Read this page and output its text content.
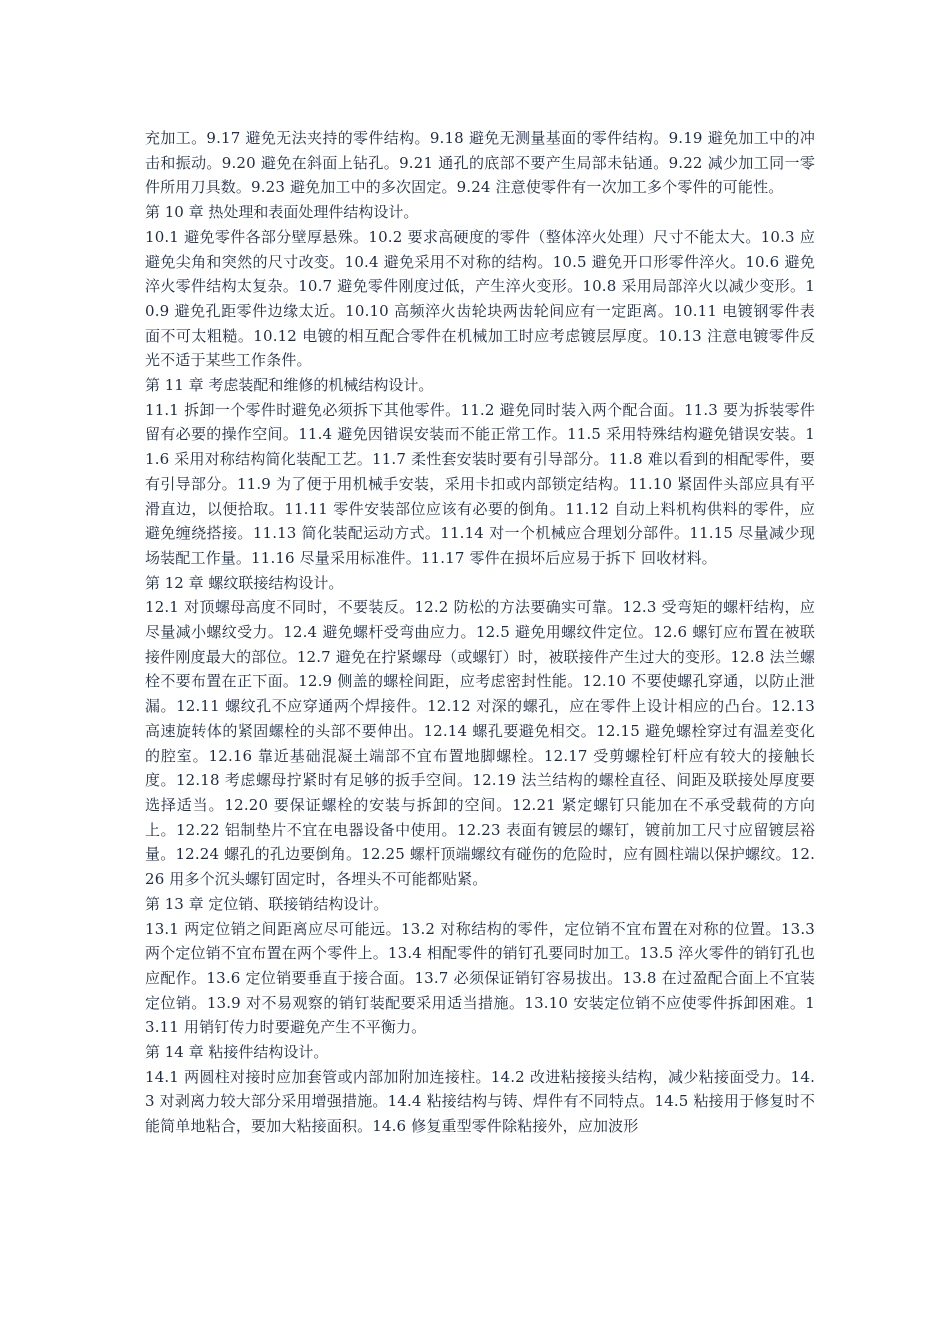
充加工。9.17 避免无法夹持的零件结构。9.18 避免无测量基面的零件结构。9.19 避免加工中的冲击和振动。9.20 避免在斜面上钻孔。9.21 通孔的底部不要产生局部未钻通。9.22 减少加工同一零件所用刀具数。9.23 避免加工中的多次固定。9.24 注意使零件有一次加工多个零件的可能性。

第 10 章 热处理和表面处理件结构设计。

10.1 避免零件各部分壁厚悬殊。10.2 要求高硬度的零件（整体淬火处理）尺寸不能太大。10.3 应避免尖角和突然的尺寸改变。10.4 避免采用不对称的结构。10.5 避免开口形零件淬火。10.6 避免淬火零件结构太复杂。10.7 避免零件刚度过低，产生淬火变形。10.8 采用局部淬火以减少变形。10.9 避免孔距零件边缘太近。10.10 高频淬火齿轮块两齿轮间应有一定距离。10.11 电镀钢零件表面不可太粗糙。10.12 电镀的相互配合零件在机械加工时应考虑镀层厚度。10.13 注意电镀零件反光不适于某些工作条件。

第 11 章 考虑装配和维修的机械结构设计。

11.1 拆卸一个零件时避免必须拆下其他零件。11.2 避免同时装入两个配合面。11.3 要为拆装零件留有必要的操作空间。11.4 避免因错误安装而不能正常工作。11.5 采用特殊结构避免错误安装。11.6 采用对称结构简化装配工艺。11.7 柔性套安装时要有引导部分。11.8 难以看到的相配零件，要有引导部分。11.9 为了便于用机械手安装，采用卡扣或内部锁定结构。11.10 紧固件头部应具有平滑直边，以便拾取。11.11 零件安装部位应该有必要的倒角。11.12 自动上料机构供料的零件，应避免缠绕搭接。11.13 简化装配运动方式。11.14 对一个机械应合理划分部件。11.15 尽量减少现场装配工作量。11.16 尽量采用标准件。11.17 零件在损坏后应易于拆下 回收材料。

第 12 章 螺纹联接结构设计。

12.1 对顶螺母高度不同时，不要装反。12.2 防松的方法要确实可靠。12.3 受弯矩的螺杆结构，应尽量减小螺纹受力。12.4 避免螺杆受弯曲应力。12.5 避免用螺纹件定位。12.6 螺钉应布置在被联接件刚度最大的部位。12.7 避免在拧紧螺母（或螺钉）时，被联接件产生过大的变形。12.8 法兰螺栓不要布置在正下面。12.9 侧盖的螺栓间距，应考虑密封性能。12.10 不要使螺孔穿通，以防止泄漏。12.11 螺纹孔不应穿通两个焊接件。12.12 对深的螺孔，应在零件上设计相应的凸台。12.13 高速旋转体的紧固螺栓的头部不要伸出。12.14 螺孔要避免相交。12.15 避免螺栓穿过有温差变化的腔室。12.16 靠近基础混凝土端部不宜布置地脚螺栓。12.17 受剪螺栓钉杆应有较大的接触长度。12.18 考虑螺母拧紧时有足够的扳手空间。12.19 法兰结构的螺栓直径、间距及联接处厚度要选择适当。12.20 要保证螺栓的安装与拆卸的空间。12.21 紧定螺钉只能加在不承受载荷的方向上。12.22 铝制垫片不宜在电器设备中使用。12.23 表面有镀层的螺钉，镀前加工尺寸应留镀层裕量。12.24 螺孔的孔边要倒角。12.25 螺杆顶端螺纹有碰伤的危险时，应有圆柱端以保护螺纹。12.26 用多个沉头螺钉固定时，各埋头不可能都贴紧。

第 13 章 定位销、联接销结构设计。

13.1 两定位销之间距离应尽可能远。13.2 对称结构的零件，定位销不宜布置在对称的位置。13.3 两个定位销不宜布置在两个零件上。13.4 相配零件的销钉孔要同时加工。13.5 淬火零件的销钉孔也应配作。13.6 定位销要垂直于接合面。13.7 必须保证销钉容易拔出。13.8 在过盈配合面上不宜装定位销。13.9 对不易观察的销钉装配要采用适当措施。13.10 安装定位销不应使零件拆卸困难。13.11 用销钉传力时要避免产生不平衡力。

第 14 章 粘接件结构设计。

14.1 两圆柱对接时应加套管或内部加附加连接柱。14.2 改进粘接接头结构，减少粘接面受力。14.3 对剥离力较大部分采用增强措施。14.4 粘接结构与铸、焊件有不同特点。14.5 粘接用于修复时不能简单地粘合，要加大粘接面积。14.6 修复重型零件除粘接外，应加波形
